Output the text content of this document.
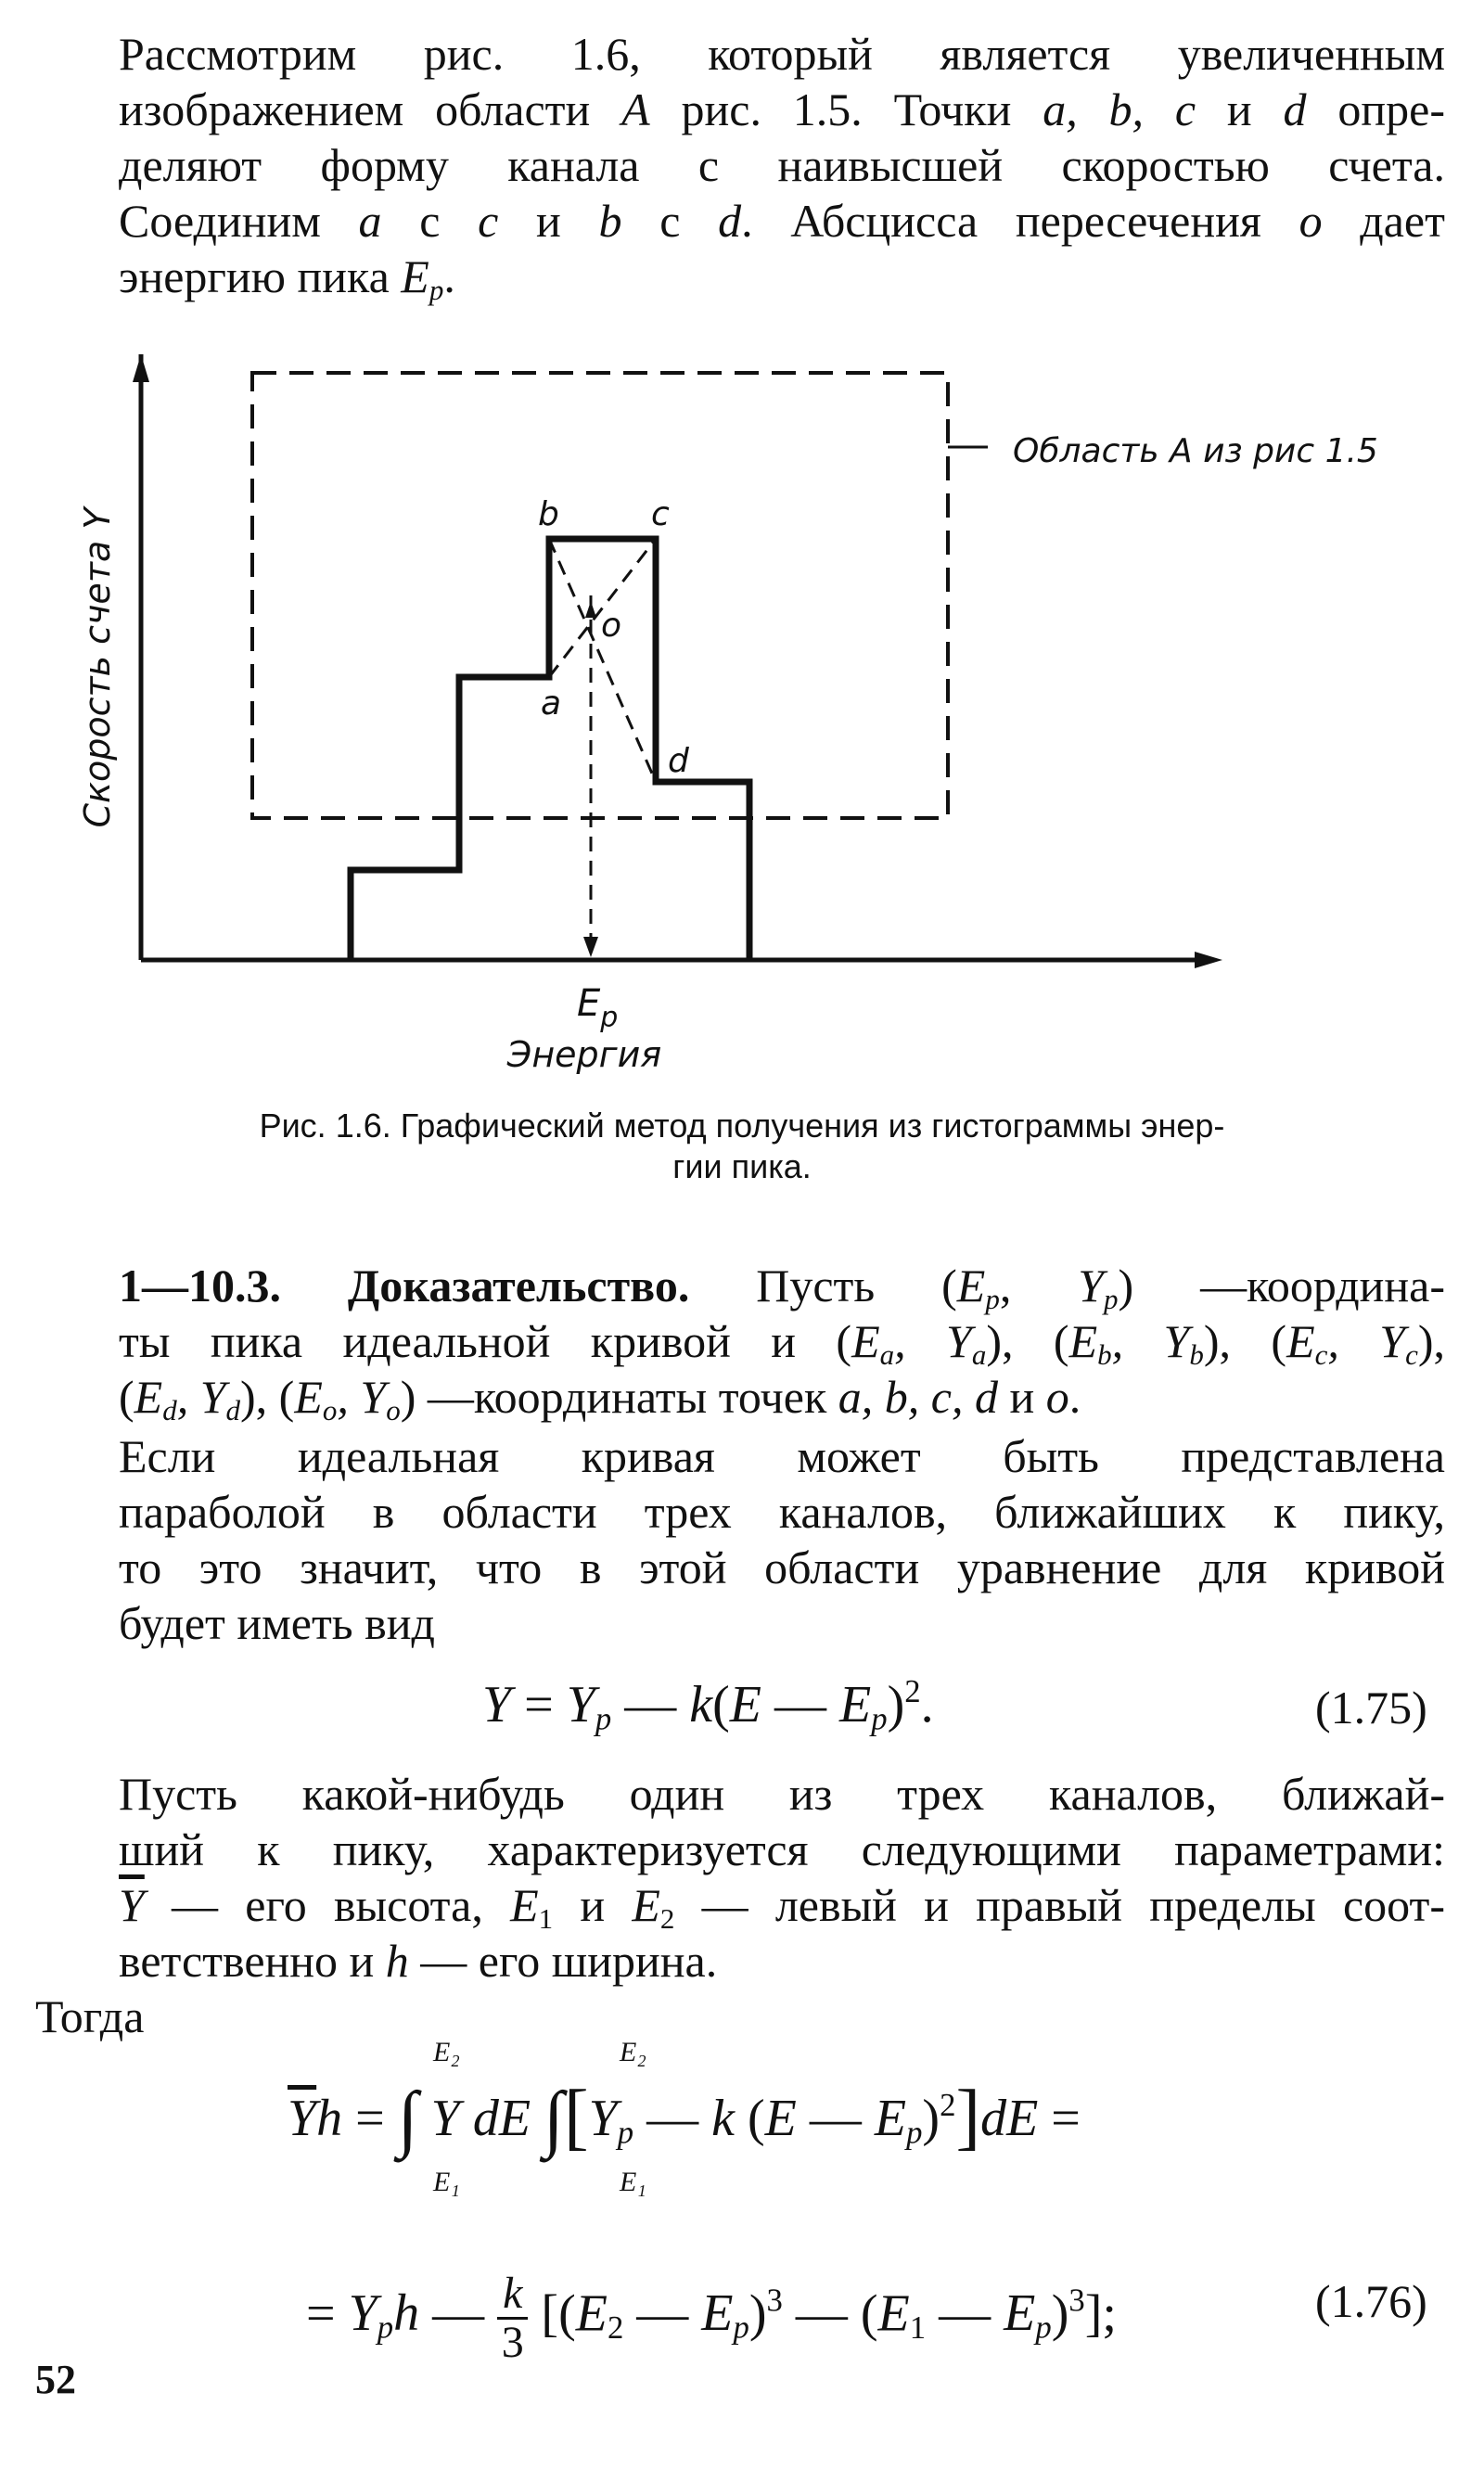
Рассмотрим рис. 1.6, который является увеличенным
изображением области A рис. 1.5. Точки a, b, c и d опре-
деляют форму канала с наивысшей скоростью счета.
Соединим a с c и b с d. Абсцисса пересечения o дает
энергию пика $E_p$.
b	c
o
a
d
Область А из рис 1.5
Скорость счета Y
$E_p$
Энергия
Рис. 1.6. Графический метод получения из гистограммы энер-
гии пика.
1—10.3. Доказательство. Пусть ($E_p$, $Y_p$) —координа-
ты пика идеальной кривой и ($E_a$, $Y_a$), ($E_b$, $Y_b$), ($E_c$, $Y_c$),
($E_d$, $Y_d$), ($E_o$, $Y_o$) —координаты точек a, b, c, d и o.
Если идеальная кривая может быть представлена
параболой в области трех каналов, ближайших к пику,
то это значит, что в этой области уравнение для кривой
будет иметь вид
$Y = Y_p$ — k(E — $E_p)^2$.	(1.75)
Пусть какой-нибудь один из трех каналов, ближай-
ший к пику, характеризуется следующими параметрами:
$\overline{Y}$ — его высота, $E_1$ и $E_2$ — левый и правый пределы соот-
ветственно и h — его ширина.
Тогда
$\overline{Y}h$ = ∫ Y dE $\int[Y_p$ — k (E — $E_p)^2]dE$ =
E₂
E₁
E₂
E₁
= $Y_ph$ — $\frac{k}{3} [(E_2$ — $E_p)^3$ — ($E_1$ — $E_p)^3$];	(1.76)
52
